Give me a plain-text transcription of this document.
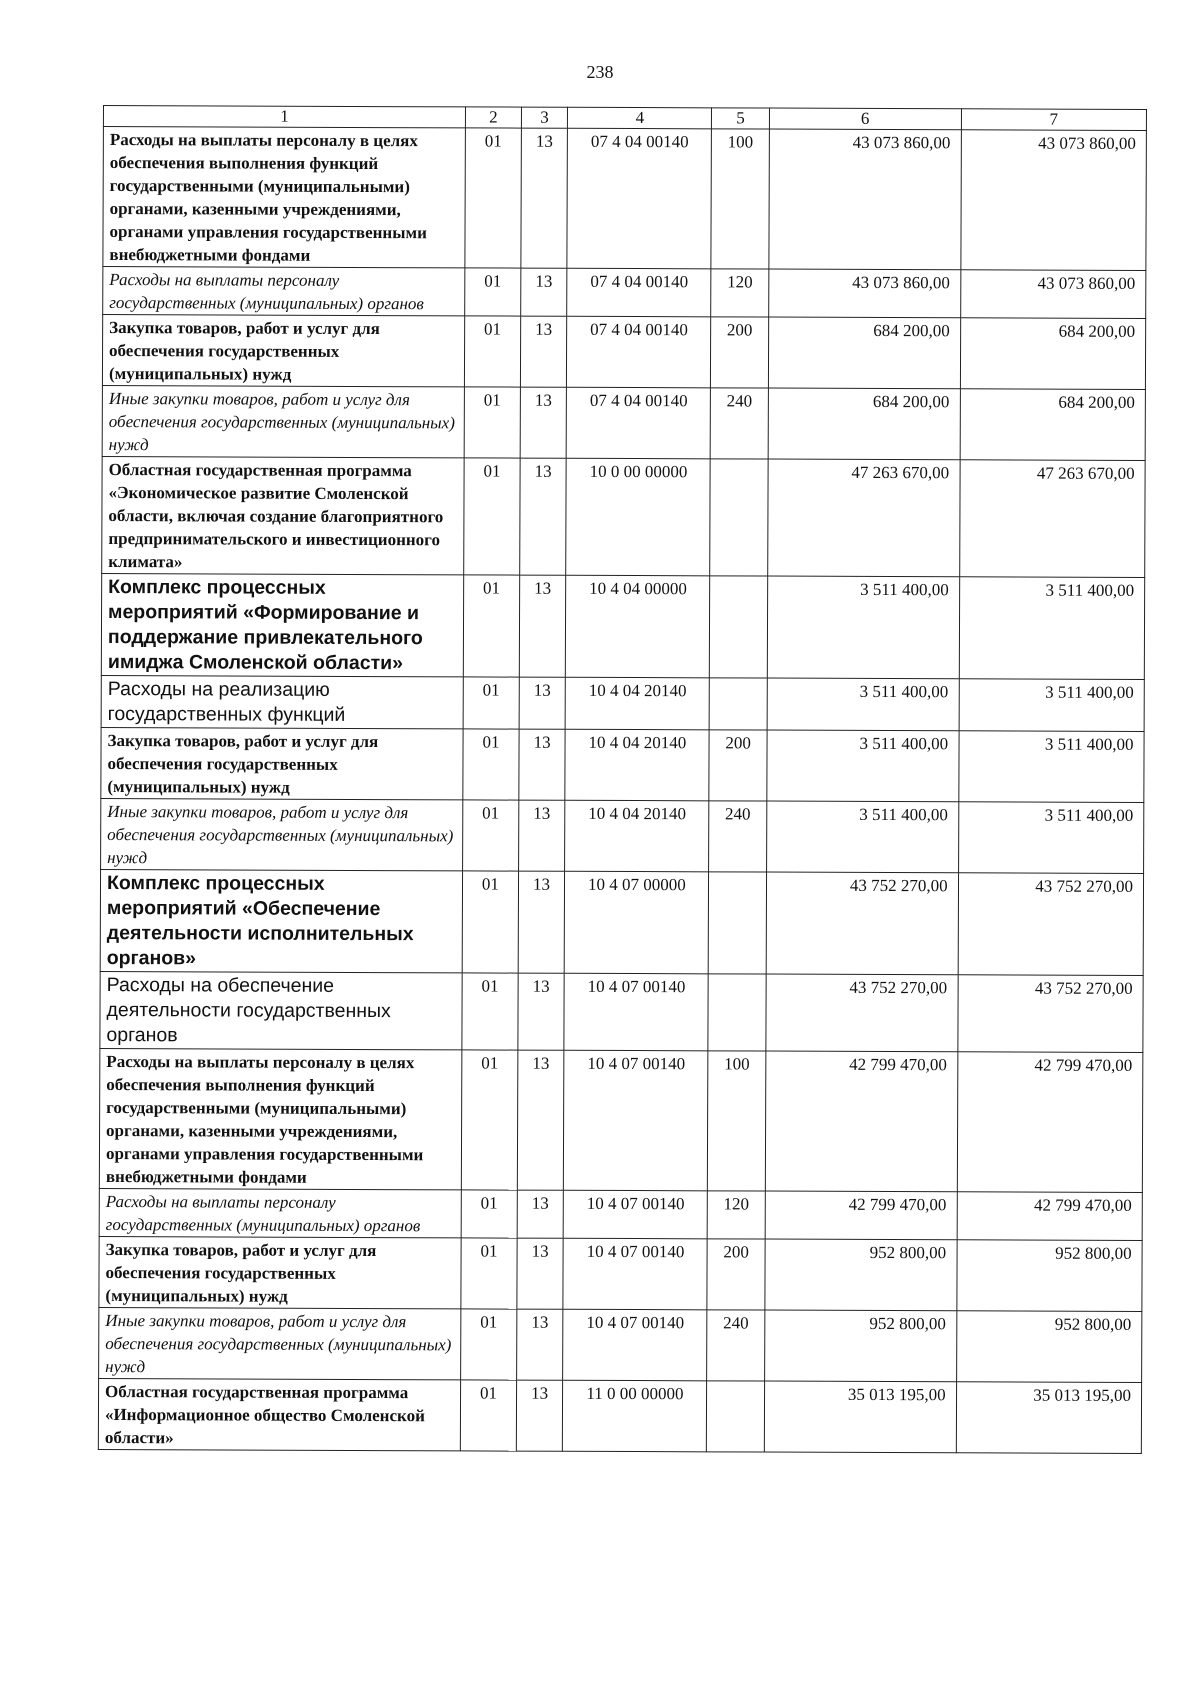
238
1	2	3	4	5	6	7
Расходы на выплаты персоналу в целях обеспечения выполнения функций государственными (муниципальными) органами, казенными учреждениями, органами управления государственными внебюджетными фондами	01	13	07 4 04 00140	100	43 073 860,00	43 073 860,00
Расходы на выплаты персоналу государственных (муниципальных) органов	01	13	07 4 04 00140	120	43 073 860,00	43 073 860,00
Закупка товаров, работ и услуг для обеспечения государственных (муниципальных) нужд	01	13	07 4 04 00140	200	684 200,00	684 200,00
Иные закупки товаров, работ и услуг для обеспечения государственных (муниципальных) нужд	01	13	07 4 04 00140	240	684 200,00	684 200,00
Областная государственная программа «Экономическое развитие Смоленской области, включая создание благоприятного предпринимательского и инвестиционного климата»	01	13	10 0 00 00000		47 263 670,00	47 263 670,00
Комплекс процессных мероприятий «Формирование и поддержание привлекательного имиджа Смоленской области»	01	13	10 4 04 00000		3 511 400,00	3 511 400,00
Расходы на реализацию государственных функций	01	13	10 4 04 20140		3 511 400,00	3 511 400,00
Закупка товаров, работ и услуг для обеспечения государственных (муниципальных) нужд	01	13	10 4 04 20140	200	3 511 400,00	3 511 400,00
Иные закупки товаров, работ и услуг для обеспечения государственных (муниципальных) нужд	01	13	10 4 04 20140	240	3 511 400,00	3 511 400,00
Комплекс процессных мероприятий «Обеспечение деятельности исполнительных органов»	01	13	10 4 07 00000		43 752 270,00	43 752 270,00
Расходы на обеспечение деятельности государственных органов	01	13	10 4 07 00140		43 752 270,00	43 752 270,00
Расходы на выплаты персоналу в целях обеспечения выполнения функций государственными (муниципальными) органами, казенными учреждениями, органами управления государственными внебюджетными фондами	01	13	10 4 07 00140	100	42 799 470,00	42 799 470,00
Расходы на выплаты персоналу государственных (муниципальных) органов	01	13	10 4 07 00140	120	42 799 470,00	42 799 470,00
Закупка товаров, работ и услуг для обеспечения государственных (муниципальных) нужд	01	13	10 4 07 00140	200	952 800,00	952 800,00
Иные закупки товаров, работ и услуг для обеспечения государственных (муниципальных) нужд	01	13	10 4 07 00140	240	952 800,00	952 800,00
Областная государственная программа «Информационное общество Смоленской области»	01	13	11 0 00 00000		35 013 195,00	35 013 195,00
